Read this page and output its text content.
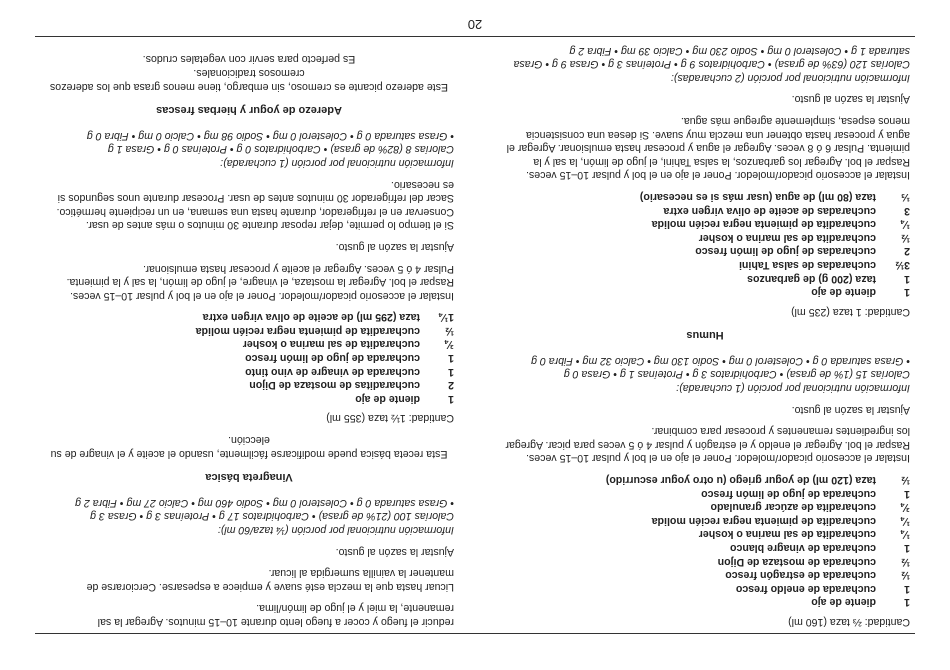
Cantidad: ⅔ taza (160 ml)

1
diente de ajo
1
cucharada de eneldo fresco
½
cucharada de estragón fresco
½
cucharada de mostaza de Dijon
1
cucharada de vinagre blanco
¼
cucharadita de sal marina o kosher
¼
cucharadita de pimienta negra recién molida
¾
cucharadita de azúcar granulado
1
cucharada de jugo de limón fresco
½
taza (120 ml) de yogur griego (u otro yogur escurrido)

Instalar el accesorio picador/moledor. Poner el ajo en el bol y pulsar 10–15 veces. Raspar el bol. Agregar el eneldo y el estragón y pulsar 4 ó 5 veces para picar. Agregar los ingredientes remanentes y procesar para combinar.

Ajustar la sazón al gusto.

Información nutricional por porción (1 cucharada):

Calorías 15 (1% de grasa) • Carbohidratos 3 g • Proteínas 1 g • Grasa 0 g

• Grasa saturada 0 g • Colesterol 0 mg • Sodio 130 mg • Calcio 32 mg • Fibra 0 g

Humus

Cantidad: 1 taza (235 ml)

1
diente de ajo
1
taza (200 g) de garbanzos
3½
cucharadas de salsa Tahini
2
cucharadas de jugo de limón fresco
½
cucharadita de sal marina o kosher
¼
cucharadita de pimienta negra recién molida
3
cucharadas de aceite de oliva virgen extra
⅓
taza (80 ml) de agua (usar más si es necesario)

Instalar el accesorio picador/moledor. Poner el ajo en el bol y pulsar 10–15 veces. Raspar el bol. Agregar los garbanzos, la salsa Tahini, el jugo de limón, la sal y la pimienta. Pulsar 6 ó 8 veces. Agregar el agua y procesar hasta emulsionar. Agregar el agua y procesar hasta obtener una mezcla muy suave. Si desea una consistencia menos espesa, simplemente agregue más agua.

Ajustar la sazón al gusto.

Información nutricional por porción (2 cucharadas):

Calorías 120 (63% de grasa) • Carbohidratos 9 g • Proteínas 3 g • Grasa 9 g • Grasa saturada 1 g • Colesterol 0 mg • Sodio 230 mg • Calcio 39 mg • Fibra 2 g

reducir el fuego y cocer a fuego lento durante 10–15 minutos. Agregar la sal remanente, la miel y el jugo de limón/lima.

Licuar hasta que la mezcla esté suave y empiece a espesarse. Cerciorarse de mantener la vainilla sumergida al licuar.

Ajustar la sazón al gusto.

Información nutricional por porción (¼ taza/60 ml):

Calorías 100 (21% de grasa) • Carbohidratos 17 g • Proteínas 3 g • Grasa 3 g

• Grasa saturada 0 g • Colesterol 0 mg • Sodio 460 mg • Calcio 27 mg • Fibra 2 g

Vinagreta básica

Esta receta básica puede modificarse fácilmente, usando el aceite y el vinagre de su elección.

Cantidad: 1½ taza (355 ml)

1
diente de ajo
2
cucharaditas de mostaza de Dijon
1
cucharada de vinagre de vino tinto
1
cucharada de jugo de limón fresco
¾
cucharadita de sal marina o kosher
½
cucharadita de pimienta negra recién molida
1¼
taza (295 ml) de aceite de oliva virgen extra

Instalar el accesorio picador/moledor. Poner el ajo en el bol y pulsar 10–15 veces. Raspar el bol. Agregar la mostaza, el vinagre, el jugo de limón, la sal y la pimienta. Pulsar 4 ó 5 veces. Agregar el aceite y procesar hasta emulsionar.

Ajustar la sazón al gusto.

Si el tiempo lo permite, dejar reposar durante 30 minutos o más antes de usar. Conservar en el refrigerador, durante hasta una semana, en un recipiente hermético. Sacar del refrigerador 30 minutos antes de usar. Procesar durante unos segundos si es necesario.

Información nutricional por porción (1 cucharada):

Calorías 8 (82% de grasa) • Carbohidratos 0 g • Proteínas 0 g • Grasa 1 g

• Grasa saturada 0 g • Colesterol 0 mg • Sodio 98 mg • Calcio 0 mg • Fibra 0 g

Aderezo de yogur y hierbas frescas

Este aderezo picante es cremoso, sin embargo, tiene menos grasa que los aderezos cremosos tradicionales.

Es perfecto para servir con vegetales crudos.

20
